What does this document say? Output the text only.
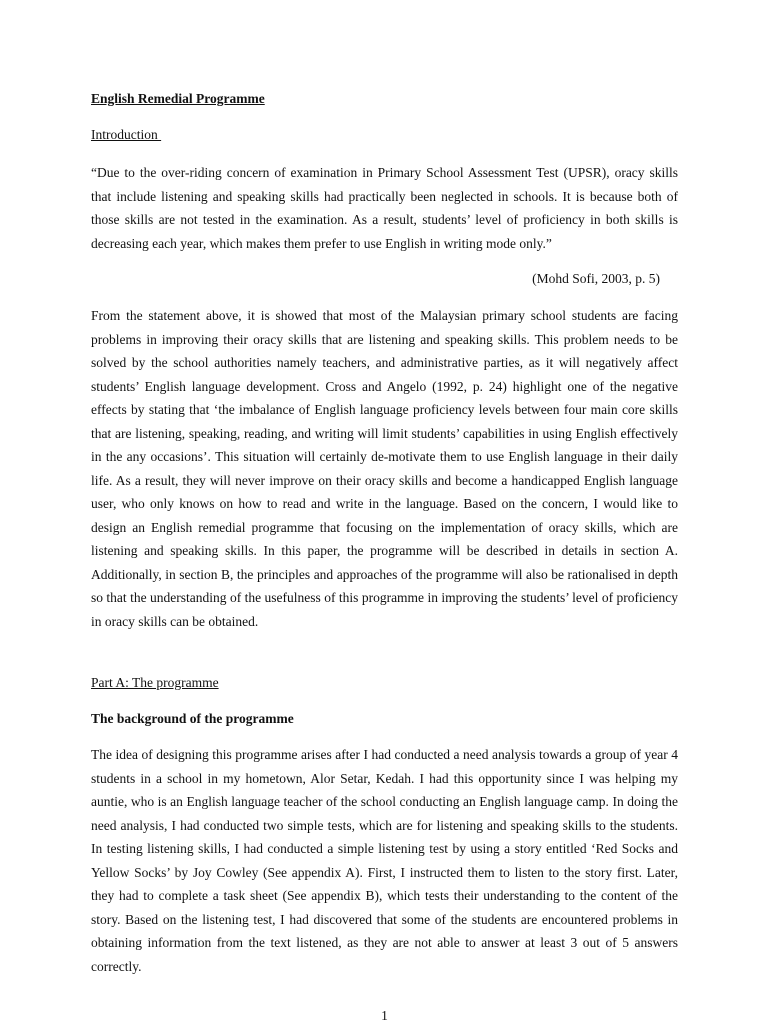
English Remedial Programme
Introduction

“Due to the over-riding concern of examination in Primary School Assessment Test (UPSR), oracy skills that include listening and speaking skills had practically been neglected in schools. It is because both of those skills are not tested in the examination. As a result, students’ level of proficiency in both skills is decreasing each year, which makes them prefer to use English in writing mode only.”

(Mohd Sofi, 2003, p. 5)

From the statement above, it is showed that most of the Malaysian primary school students are facing problems in improving their oracy skills that are listening and speaking skills. This problem needs to be solved by the school authorities namely teachers, and administrative parties, as it will negatively affect students’ English language development. Cross and Angelo (1992, p. 24) highlight one of the negative effects by stating that ‘the imbalance of English language proficiency levels between four main core skills that are listening, speaking, reading, and writing will limit students’ capabilities in using English effectively in the any occasions’. This situation will certainly de-motivate them to use English language in their daily life. As a result, they will never improve on their oracy skills and become a handicapped English language user, who only knows on how to read and write in the language. Based on the concern, I would like to design an English remedial programme that focusing on the implementation of oracy skills, which are listening and speaking skills. In this paper, the programme will be described in details in section A. Additionally, in section B, the principles and approaches of the programme will also be rationalised in depth so that the understanding of the usefulness of this programme in improving the students’ level of proficiency in oracy skills can be obtained.

Part A: The programme
The background of the programme

The idea of designing this programme arises after I had conducted a need analysis towards a group of year 4 students in a school in my hometown, Alor Setar, Kedah. I had this opportunity since I was helping my auntie, who is an English language teacher of the school conducting an English language camp. In doing the need analysis, I had conducted two simple tests, which are for listening and speaking skills to the students. In testing listening skills, I had conducted a simple listening test by using a story entitled ‘Red Socks and Yellow Socks’ by Joy Cowley (See appendix A). First, I instructed them to listen to the story first. Later, they had to complete a task sheet (See appendix B), which tests their understanding to the content of the story. Based on the listening test, I had discovered that some of the students are encountered problems in obtaining information from the text listened, as they are not able to answer at least 3 out of 5 answers correctly.

1
